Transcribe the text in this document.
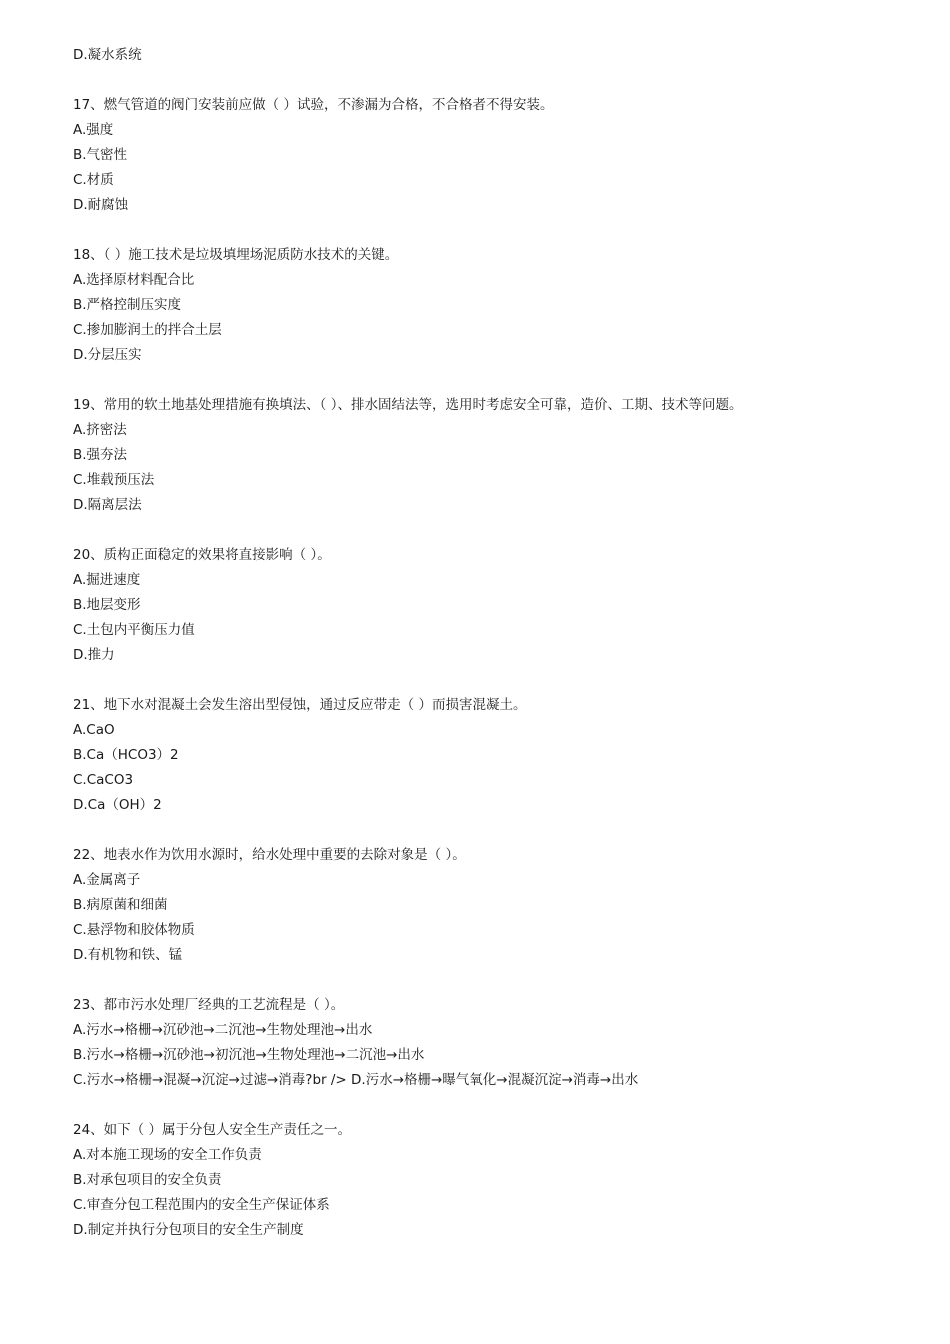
D.凝水系统
17、燃气管道的阀门安装前应做（ ）试验，不渗漏为合格，不合格者不得安装。
A.强度
B.气密性
C.材质
D.耐腐蚀
18、（ ）施工技术是垃圾填埋场泥质防水技术的关键。
A.选择原材料配合比
B.严格控制压实度
C.掺加膨润土的拌合土层
D.分层压实
19、常用的软土地基处理措施有换填法、（ ）、排水固结法等，选用时考虑安全可靠，造价、工期、技术等问题。
A.挤密法
B.强夯法
C.堆载预压法
D.隔离层法
20、质构正面稳定的效果将直接影响（ ）。
A.掘进速度
B.地层变形
C.土包内平衡压力值
D.推力
21、地下水对混凝土会发生溶出型侵蚀，通过反应带走（ ）而损害混凝土。
A.CaO
B.Ca（HCO3）2
C.CaCO3
D.Ca（OH）2
22、地表水作为饮用水源时，给水处理中重要的去除对象是（ ）。
A.金属离子
B.病原菌和细菌
C.悬浮物和胶体物质
D.有机物和铁、锰
23、都市污水处理厂经典的工艺流程是（ ）。
A.污水→格栅→沉砂池→二沉池→生物处理池→出水
B.污水→格栅→沉砂池→初沉池→生物处理池→二沉池→出水
C.污水→格栅→混凝→沉淀→过滤→消毒?br /> D.污水→格栅→曝气氧化→混凝沉淀→消毒→出水
24、如下（ ）属于分包人安全生产责任之一。
A.对本施工现场的安全工作负责
B.对承包项目的安全负责
C.审查分包工程范围内的安全生产保证体系
D.制定并执行分包项目的安全生产制度
